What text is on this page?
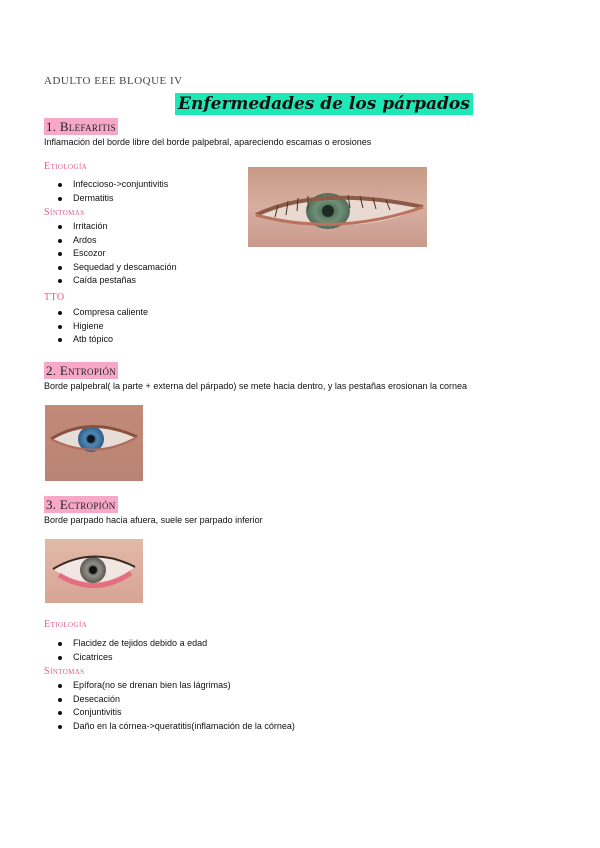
ADULTO EEE BLOQUE IV
Enfermedades de los párpados
1. Blefaritis
Inflamación del borde libre del borde palpebral, apareciendo escamas o erosiones
Etiología
Infeccioso->conjuntivitis
Dermatitis
Síntomas
Irritación
Ardos
Escozor
Sequedad y descamación
Caída pestañas
TTO
Compresa caliente
Higiene
Atb tópico
2. Entropión
Borde palpebral( la parte + externa del párpado) se mete hacia dentro, y las pestañas erosionan la cornea
3. Ectropión
Borde parpado hacia afuera, suele ser parpado inferior
Etiología
Flacidez de tejidos debido a edad
Cicatrices
Síntomas
Epífora(no se drenan bien las lágrimas)
Desecación
Conjuntivitis
Daño en la córnea->queratitis(inflamación de la córnea)
